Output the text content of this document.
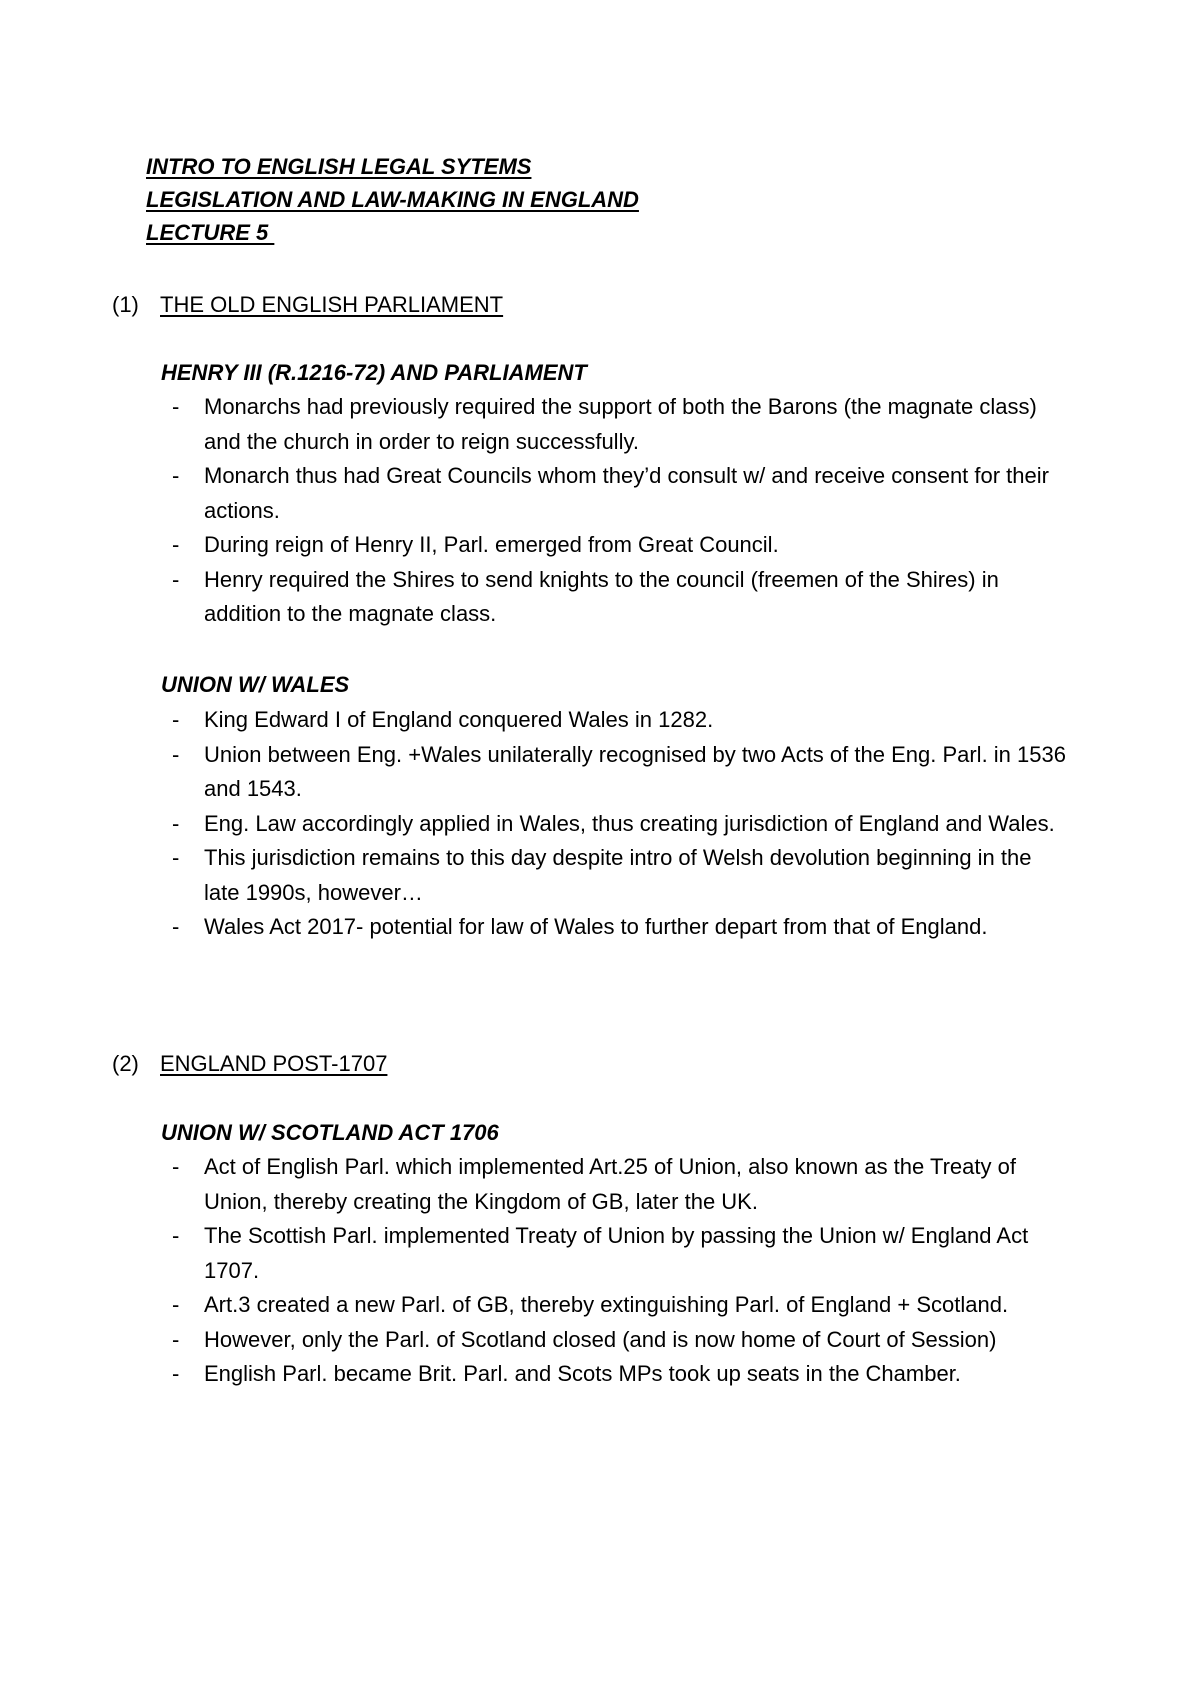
INTRO TO ENGLISH LEGAL SYTEMS
LEGISLATION AND LAW-MAKING IN ENGLAND
LECTURE 5
(1) THE OLD ENGLISH PARLIAMENT
HENRY III (R.1216-72) AND PARLIAMENT
- Monarchs had previously required the support of both the Barons (the magnate class) and the church in order to reign successfully.
- Monarch thus had Great Councils whom they’d consult w/ and receive consent for their actions.
- During reign of Henry II, Parl. emerged from Great Council.
- Henry required the Shires to send knights to the council (freemen of the Shires) in addition to the magnate class.
UNION W/ WALES
- King Edward I of England conquered Wales in 1282.
- Union between Eng. +Wales unilaterally recognised by two Acts of the Eng. Parl. in 1536 and 1543.
- Eng. Law accordingly applied in Wales, thus creating jurisdiction of England and Wales.
- This jurisdiction remains to this day despite intro of Welsh devolution beginning in the late 1990s, however…
- Wales Act 2017- potential for law of Wales to further depart from that of England.
(2) ENGLAND POST-1707
UNION W/ SCOTLAND ACT 1706
- Act of English Parl. which implemented Art.25 of Union, also known as the Treaty of Union, thereby creating the Kingdom of GB, later the UK.
- The Scottish Parl. implemented Treaty of Union by passing the Union w/ England Act 1707.
- Art.3 created a new Parl. of GB, thereby extinguishing Parl. of England + Scotland.
- However, only the Parl. of Scotland closed (and is now home of Court of Session)
- English Parl. became Brit. Parl. and Scots MPs took up seats in the Chamber.
